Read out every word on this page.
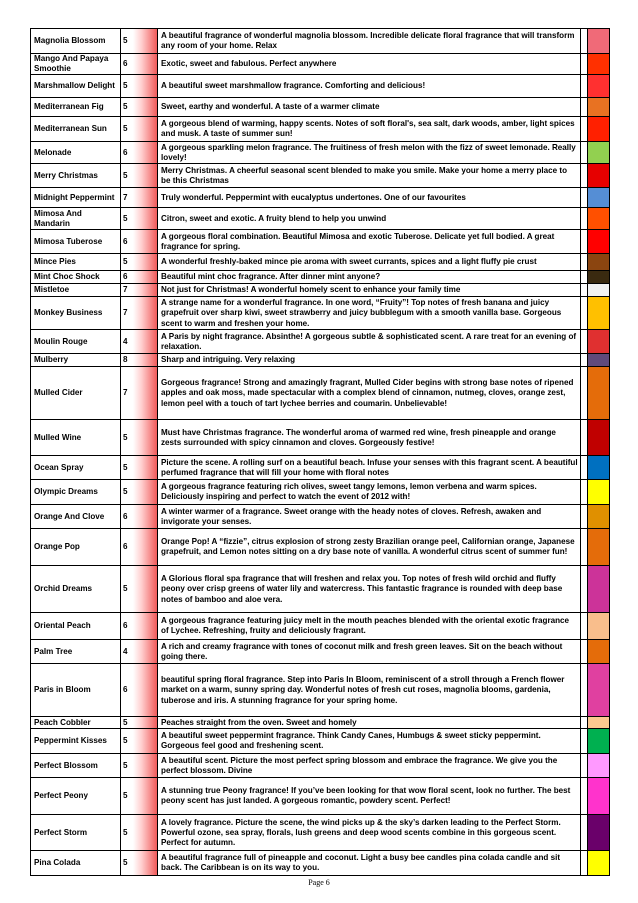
Magnolia Blossom	5	A beautiful fragrance of wonderful magnolia blossom. Incredible delicate floral fragrance that will transform any room of your home. Relax		
Mango And Papaya Smoothie	6	Exotic, sweet and fabulous. Perfect anywhere		
Marshmallow Delight	5	A beautiful sweet marshmallow fragrance. Comforting and delicious!		
Mediterranean Fig	5	Sweet, earthy and wonderful. A taste of a warmer climate		
Mediterranean Sun	5	A gorgeous blend of warming, happy scents. Notes of soft floral's, sea salt, dark woods, amber, light spices and musk. A taste of summer sun!		
Melonade	6	A gorgeous sparkling melon fragrance. The fruitiness of fresh melon with the fizz of sweet lemonade. Really lovely!		
Merry Christmas	5	Merry Christmas. A cheerful seasonal scent blended to make you smile. Make your home a merry place to be this Christmas		
Midnight Peppermint	7	Truly wonderful. Peppermint with eucalyptus undertones. One of our favourites		
Mimosa And Mandarin	5	Citron, sweet and exotic. A fruity blend to help you unwind		
Mimosa Tuberose	6	A gorgeous floral combination. Beautiful Mimosa and exotic Tuberose. Delicate yet full bodied. A great fragrance for spring.		
Mince Pies	5	A wonderful freshly-baked mince pie aroma with sweet currants, spices and a light fluffy pie crust		
Mint Choc Shock	6	Beautiful mint choc fragrance. After dinner mint anyone?		
Mistletoe	7	Not just for Christmas! A wonderful homely scent to enhance your family time		
Monkey Business	7	A strange name for a wonderful fragrance. In one word, “Fruity”! Top notes of fresh banana and juicy grapefruit over sharp kiwi, sweet strawberry and juicy bubblegum with a smooth vanilla base. Gorgeous scent to warm and freshen your home.		
Moulin Rouge	4	A Paris by night fragrance. Absinthe! A gorgeous subtle & sophisticated scent. A rare treat for an evening of relaxation.		
Mulberry	8	Sharp and intriguing. Very relaxing		
Mulled Cider	7	Gorgeous fragrance! Strong and amazingly fragrant, Mulled Cider begins with strong base notes of ripened apples and oak moss, made spectacular with a complex blend of cinnamon, nutmeg, cloves, orange zest, lemon peel with a touch of tart lychee berries and coumarin. Unbelievable!		
Mulled Wine	5	Must have Christmas fragrance. The wonderful aroma of warmed red wine, fresh pineapple and orange zests surrounded with spicy cinnamon and cloves. Gorgeously festive!		
Ocean Spray	5	Picture the scene. A rolling surf on a beautiful beach. Infuse your senses with this fragrant scent. A beautiful perfumed fragrance that will fill your home with floral notes		
Olympic Dreams	5	A gorgeous fragrance featuring rich olives, sweet tangy lemons, lemon verbena and warm spices. Deliciously inspiring and perfect to watch the event of 2012 with!		
Orange And Clove	6	A winter warmer of a fragrance. Sweet orange with the heady notes of cloves. Refresh, awaken and invigorate your senses.		
Orange Pop	6	Orange Pop! A “fizzie”, citrus explosion of strong zesty Brazilian orange peel, Californian orange, Japanese grapefruit, and Lemon notes sitting on a dry base note of vanilla. A wonderful citrus scent of summer fun!		
Orchid Dreams	5	A Glorious floral spa fragrance that will freshen and relax you. Top notes of fresh wild orchid and fluffy peony over crisp greens of water lily and watercress. This fantastic fragrance is rounded with deep base notes of bamboo and aloe vera.		
Oriental Peach	6	A gorgeous fragrance featuring juicy melt in the mouth peaches blended with the oriental exotic fragrance of Lychee. Refreshing, fruity and deliciously fragrant.		
Palm Tree	4	A rich and creamy fragrance with tones of coconut milk and fresh green leaves. Sit on the beach without going there.		
Paris in Bloom	6	beautiful spring floral fragrance. Step into Paris In Bloom, reminiscent of a stroll through a French flower market on a warm, sunny spring day. Wonderful notes of fresh cut roses, magnolia blooms, gardenia, tuberose and iris. A stunning fragrance for your spring home.		
Peach Cobbler	5	Peaches straight from the oven. Sweet and homely		
Peppermint Kisses	5	A beautiful sweet peppermint fragrance. Think Candy Canes, Humbugs & sweet sticky peppermint. Gorgeous feel good and freshening scent.		
Perfect Blossom	5	A beautiful scent. Picture the most perfect spring blossom and embrace the fragrance. We give you the perfect blossom. Divine		
Perfect Peony	5	A stunning true Peony fragrance! If you’ve been looking for that wow floral scent, look no further. The best peony scent has just landed. A gorgeous romantic, powdery scent. Perfect!		
Perfect Storm	5	A lovely fragrance. Picture the scene, the wind picks up & the sky’s darken leading to the Perfect Storm. Powerful ozone, sea spray, florals, lush greens and deep wood scents combine in this gorgeous scent. Perfect for autumn.		
Pina Colada	5	A beautiful fragrance full of pineapple and coconut. Light a busy bee candles pina colada candle and sit back. The Caribbean is on its way to you.		
Page 6
